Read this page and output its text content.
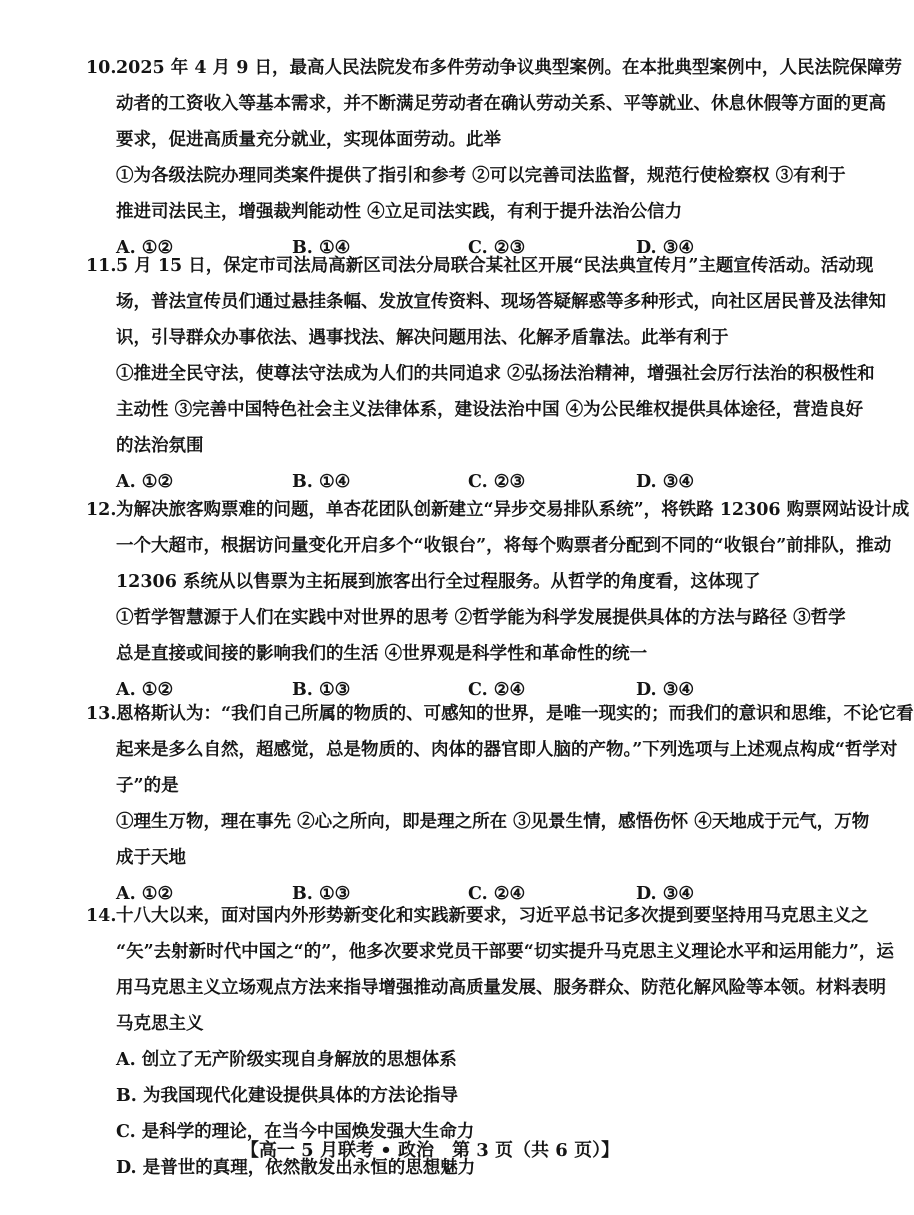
10.2025 年 4 月 9 日，最高人民法院发布多件劳动争议典型案例。在本批典型案例中，人民法院保障劳
动者的工资收入等基本需求，并不断满足劳动者在确认劳动关系、平等就业、休息休假等方面的更高
要求，促进高质量充分就业，实现体面劳动。此举
①为各级法院办理同类案件提供了指引和参考 ②可以完善司法监督，规范行使检察权 ③有利于
推进司法民主，增强裁判能动性 ④立足司法实践，有利于提升法治公信力
A. ①②	B. ①④	C. ②③	D. ③④
11.5 月 15 日，保定市司法局高新区司法分局联合某社区开展“民法典宣传月”主题宣传活动。活动现
场，普法宣传员们通过悬挂条幅、发放宣传资料、现场答疑解惑等多种形式，向社区居民普及法律知
识，引导群众办事依法、遇事找法、解决问题用法、化解矛盾靠法。此举有利于
①推进全民守法，使尊法守法成为人们的共同追求 ②弘扬法治精神，增强社会厉行法治的积极性和
主动性 ③完善中国特色社会主义法律体系，建设法治中国 ④为公民维权提供具体途径，营造良好
的法治氛围
A. ①②	B. ①④	C. ②③	D. ③④
12.为解决旅客购票难的问题，单杏花团队创新建立“异步交易排队系统”，将铁路 12306 购票网站设计成
一个大超市，根据访问量变化开启多个“收银台”，将每个购票者分配到不同的“收银台”前排队，推动
12306 系统从以售票为主拓展到旅客出行全过程服务。从哲学的角度看，这体现了
①哲学智慧源于人们在实践中对世界的思考 ②哲学能为科学发展提供具体的方法与路径 ③哲学
总是直接或间接的影响我们的生活 ④世界观是科学性和革命性的统一
A. ①②	B. ①③	C. ②④	D. ③④
13.恩格斯认为：“我们自己所属的物质的、可感知的世界，是唯一现实的；而我们的意识和思维，不论它看
起来是多么自然，超感觉，总是物质的、肉体的器官即人脑的产物。”下列选项与上述观点构成“哲学对
子”的是
①理生万物，理在事先 ②心之所向，即是理之所在 ③见景生情，感悟伤怀 ④天地成于元气，万物
成于天地
A. ①②	B. ①③	C. ②④	D. ③④
14.十八大以来，面对国内外形势新变化和实践新要求，习近平总书记多次提到要坚持用马克思主义之
“矢”去射新时代中国之“的”，他多次要求党员干部要“切实提升马克思主义理论水平和运用能力”，运
用马克思主义立场观点方法来指导增强推动高质量发展、服务群众、防范化解风险等本领。材料表明
马克思主义
A. 创立了无产阶级实现自身解放的思想体系
B. 为我国现代化建设提供具体的方法论指导
C. 是科学的理论，在当今中国焕发强大生命力
D. 是普世的真理，依然散发出永恒的思想魅力
【高一 5 月联考 • 政治　第 3 页（共 6 页）】
